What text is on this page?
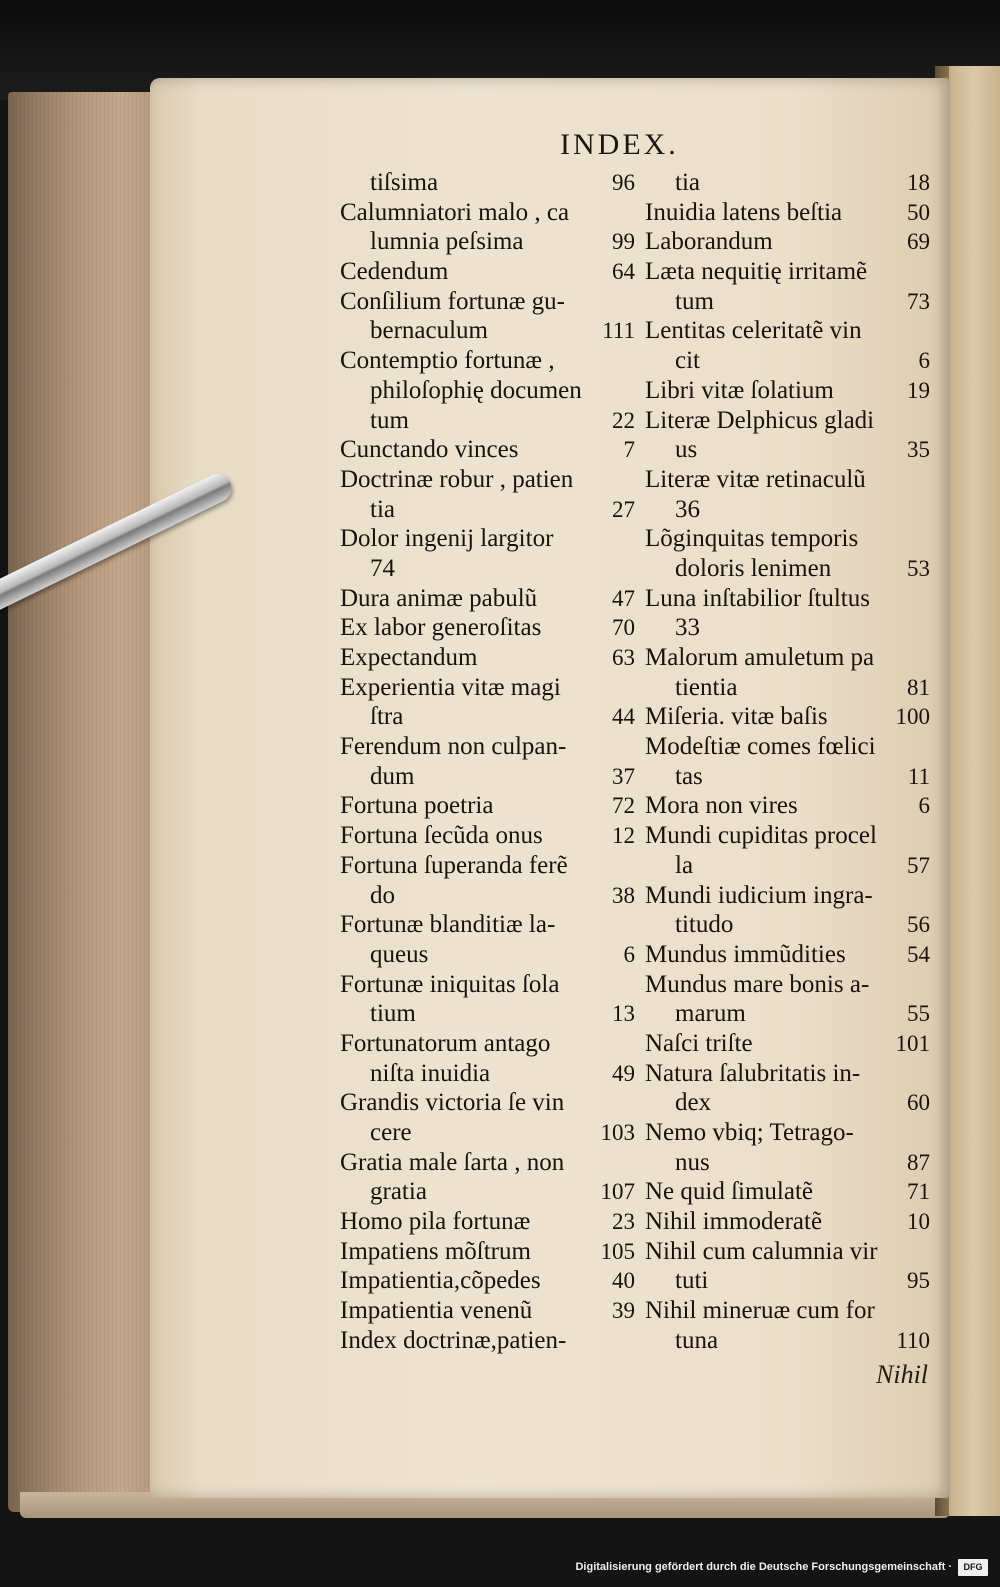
INDEX.
tiſsima	96
Calumniatori malo , ca
lumnia peſsima	99
Cedendum	64
Conſilium fortunæ gu-
bernaculum	111
Contemptio fortunæ ,
philoſophię documen
tum	22
Cunctando vinces	7
Doctrinæ robur , patien
tia	27
Dolor ingenij largitor
74
Dura animæ pabulũ	47
Ex labor generoſitas	70
Expectandum	63
Experientia vitæ magi
ſtra	44
Ferendum non culpan-
dum	37
Fortuna poetria	72
Fortuna ſecũda onus	12
Fortuna ſuperanda ferẽ
do	38
Fortunæ blanditiæ la-
queus	6
Fortunæ iniquitas ſola
tium	13
Fortunatorum antago
niſta inuidia	49
Grandis victoria ſe vin
cere	103
Gratia male ſarta , non
gratia	107
Homo pila fortunæ	23
Impatiens mõſtrum	105
Impatientia,cõpedes	40
Impatientia venenũ	39
Index doctrinæ,patien-
tia	18
Inuidia latens beſtia	50
Laborandum	69
Læta nequitię irritamẽ
tum	73
Lentitas celeritatẽ vin
cit	6
Libri vitæ ſolatium	19
Literæ Delphicus gladi
us	35
Literæ vitæ retinaculũ
36
Lõginquitas temporis
doloris lenimen	53
Luna inſtabilior ſtultus
33
Malorum amuletum pa
tientia	81
Miſeria. vitæ baſis	100
Modeſtiæ comes fœlici
tas	11
Mora non vires	6
Mundi cupiditas procel
la	57
Mundi iudicium ingra-
titudo	56
Mundus immũdities	54
Mundus mare bonis a-
marum	55
Naſci triſte	101
Natura ſalubritatis in-
dex	60
Nemo vbiq; Tetrago-
nus	87
Ne quid ſimulatẽ	71
Nihil immoderatẽ	10
Nihil cum calumnia vir
tuti	95
Nihil mineruæ cum for
tuna	110
Nihil
Digitalisierung gefördert durch die Deutsche Forschungsgemeinschaft ·	DFG
